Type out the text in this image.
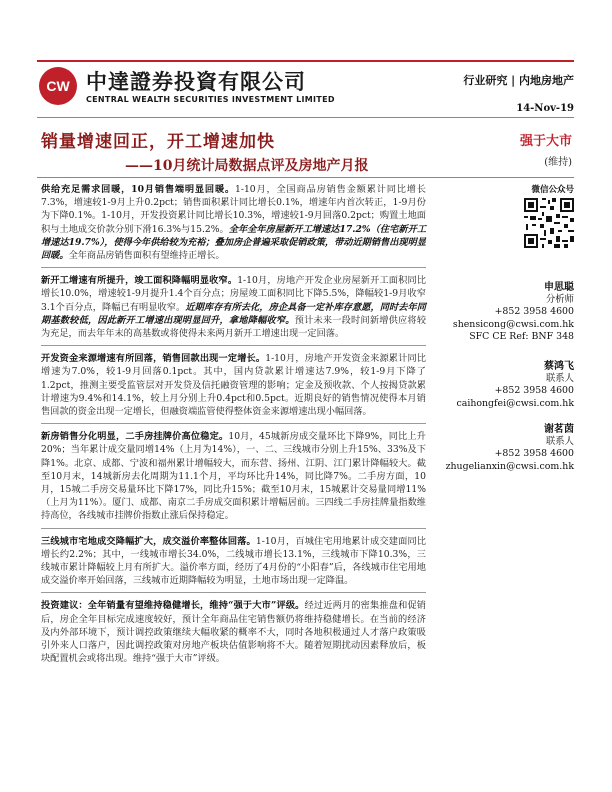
CW 中達證券投資有限公司
CENTRAL WEALTH SECURITIES INVESTMENT LIMITED
行业研究 | 内地房地产
14-Nov-19
销量增速回正，开工增速加快
——10月统计局数据点评及房地产月报
强于大市
(维持)

供给充足需求回暖，10月销售端明显回暖。1-10月，全国商品房销售金额累计同比增长7.3%，增速较1-9月上升0.2pct；销售面积累计同比增长0.1%，增速年内首次转正，1-9月份为下降0.1%。1-10月，开发投资累计同比增长10.3%，增速较1-9月回落0.2pct；购置土地面积与土地成交价款分别下滑16.3%与15.2%。全年全年房屋新开工增速达17.2%（住宅新开工增速达19.7%），使得今年供给较为充裕；叠加房企普遍采取促销政策，带动近期销售出现明显回暖。全年商品房销售面积有望维持正增长。

新开工增速有所提升，竣工面积降幅明显收窄。1-10月，房地产开发企业房屋新开工面积同比增长10.0%，增速较1-9月提升1.4个百分点；房屋竣工面积同比下降5.5%，降幅较1-9月收窄3.1个百分点，降幅已有明显收窄。近期库存有所去化，房企具备一定补库存意愿，同时去年同期基数较低，因此新开工增速出现明显回升，拿地降幅收窄。预计未来一段时间新增供应将较为充足，而去年年末的高基数或将使得未来两月新开工增速出现一定回落。

开发资金来源增速有所回落，销售回款出现一定增长。1-10月，房地产开发资金来源累计同比增速为7.0%，较1-9月回落0.1pct。其中，国内贷款累计增速达7.9%，较1-9月下降了1.2pct，推测主要受监管层对开发贷及信托融资管理的影响；定金及预收款、个人按揭贷款累计增速为9.4%和14.1%，较上月分别上升0.4pct和0.5pct。近期良好的销售情况使得本月销售回款的资金出现一定增长，但融资端监管使得整体资金来源增速出现小幅回落。

新房销售分化明显，二手房挂牌价高位稳定。10月，45城新房成交量环比下降9%，同比上升20%；当年累计成交量同增14%（上月为14%），一、二、三线城市分别上升15%、33%及下降1%。北京、成都、宁波和福州累计增幅较大，而东营、扬州、江阴、江门累计降幅较大。截至10月末，14城新房去化周期为11.1个月，平均环比升14%，同比降7%。二手房方面，10月，15城二手房交易量环比下降17%，同比升15%；截至10月末，15城累计交易量同增11%（上月为11%）。厦门、成都、南京二手房成交面积累计增幅居前。三四线二手房挂牌量指数维持高位，各线城市挂牌价指数止涨后保持稳定。

三线城市宅地成交降幅扩大，成交溢价率整体回落。1-10月，百城住宅用地累计成交建面同比增长约2.2%；其中，一线城市增长34.0%，二线城市增长13.1%，三线城市下降10.3%，三线城市累计降幅较上月有所扩大。溢价率方面，经历了4月份的“小阳春”后，各线城市住宅用地成交溢价率开始回落，三线城市近期降幅较为明显，土地市场出现一定降温。

投资建议：全年销量有望维持稳健增长，维持“强于大市”评级。经过近两月的密集推盘和促销后，房企全年目标完成速度较好，预计全年商品住宅销售额仍将维持稳健增长。在当前的经济及内外部环境下，预计调控政策继续大幅收紧的概率不大，同时各地积极通过人才落户政策吸引外来人口落户，因此调控政策对房地产板块估值影响将不大。随着短期扰动因素释放后，板块配置机会或将出现。维持“强于大市”评级。

微信公众号
申思聪
分析师
+852 3958 4600
shensicong@cwsi.com.hk
SFC CE Ref: BNF 348
蔡鸿飞
联系人
+852 3958 4600
caihongfei@cwsi.com.hk
谢茗茵
联系人
+852 3958 4600
zhugelianxin@cwsi.com.hk
